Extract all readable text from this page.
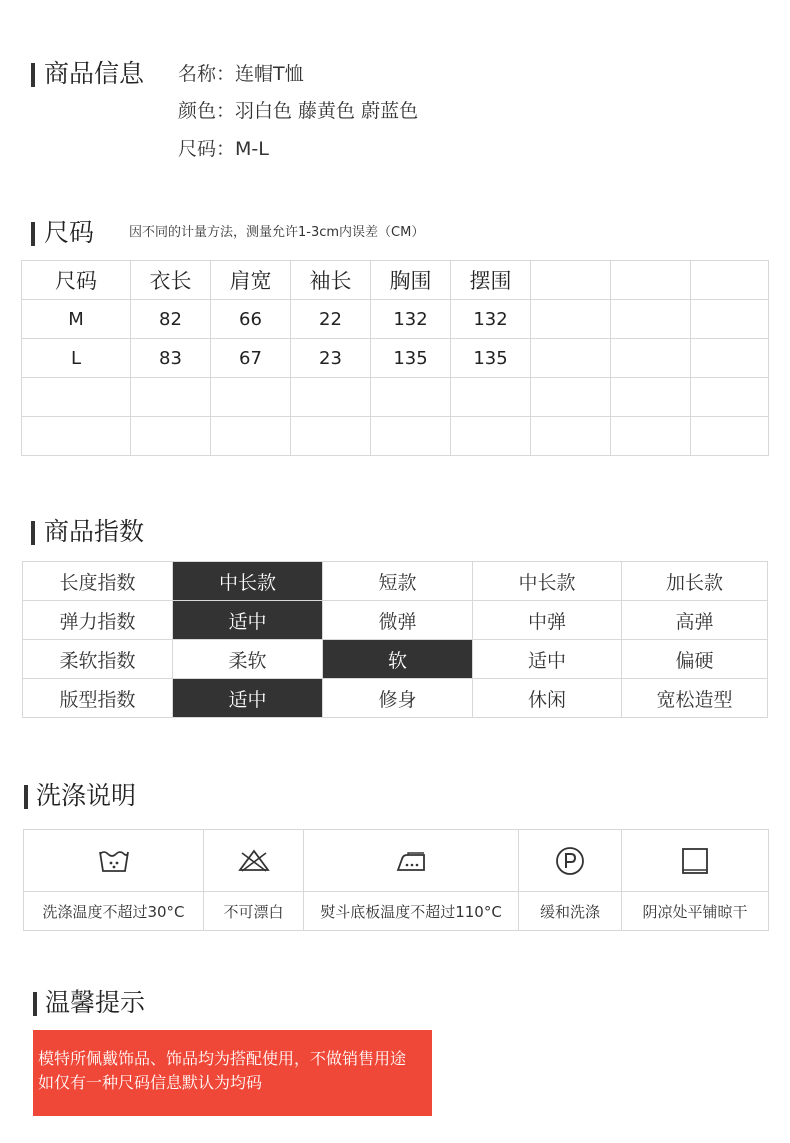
商品信息 名称：连帽T恤
颜色：羽白色 藤黄色 蔚蓝色
尺码：M-L
尺码	因不同的计量方法，测量允许1-3cm内误差（CM）
尺码	衣长	肩宽	袖长	胸围	摆围			
M	82	66	22	132	132			
L	83	67	23	135	135			

商品指数
长度指数	中长款	短款	中长款	加长款
弹力指数	适中	微弹	中弹	高弹
柔软指数	柔软	软	适中	偏硬
版型指数	适中	修身	休闲	宽松造型
洗涤说明

洗涤温度不超过30°C	不可漂白	熨斗底板温度不超过110°C	缓和洗涤	阴凉处平铺晾干
温馨提示
模特所佩戴饰品、饰品均为搭配使用，不做销售用途
如仅有一种尺码信息默认为均码
